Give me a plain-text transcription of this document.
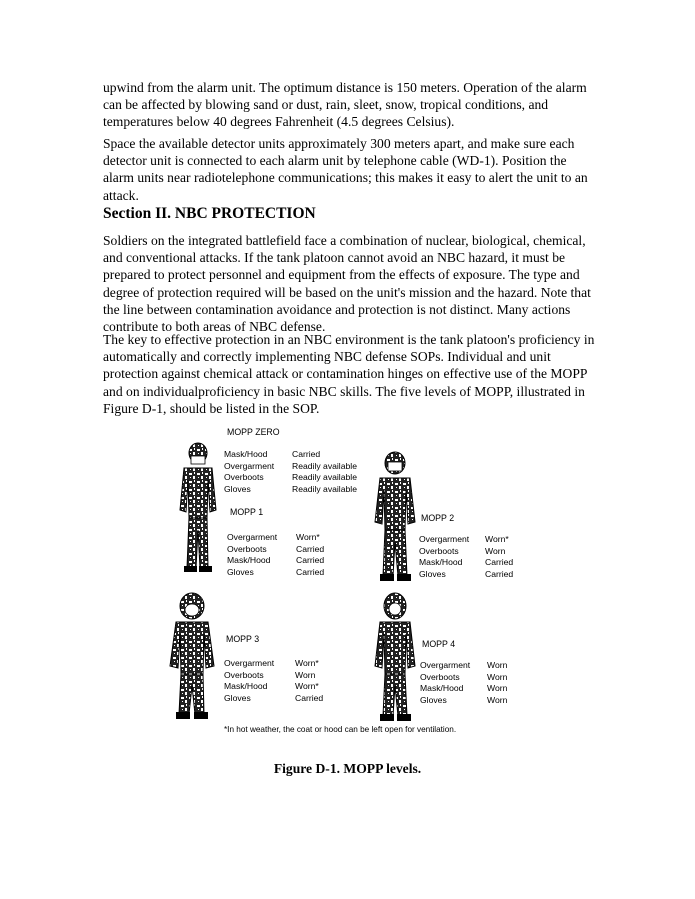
upwind from the alarm unit. The optimum distance is 150 meters. Operation of the alarm can be affected by blowing sand or dust, rain, sleet, snow, tropical conditions, and temperatures below 40 degrees Fahrenheit (4.5 degrees Celsius).

Space the available detector units approximately 300 meters apart, and make sure each detector unit is connected to each alarm unit by telephone cable (WD-1). Position the alarm units near radiotelephone communications; this makes it easy to alert the unit to an attack.

Section II. NBC PROTECTION

Soldiers on the integrated battlefield face a combination of nuclear, biological, chemical, and conventional attacks. If the tank platoon cannot avoid an NBC hazard, it must be prepared to protect personnel and equipment from the effects of exposure. The type and degree of protection required will be based on the unit's mission and the hazard. Note that the line between contamination avoidance and protection is not distinct. Many actions contribute to both areas of NBC defense.

The key to effective protection in an NBC environment is the tank platoon's proficiency in automatically and correctly implementing NBC defense SOPs. Individual and unit protection against chemical attack or contamination hinges on effective use of the MOPP and on individualproficiency in basic NBC skills. The five levels of MOPP, illustrated in Figure D-1, should be listed in the SOP.

MOPP ZERO
Mask/Hood
Overgarment
Overboots
Gloves
Carried
Readily available
Readily available
Readily available
MOPP 1
Overgarment
Overboots
Mask/Hood
Gloves
Worn*
Carried
Carried
Carried
MOPP 2
Overgarment
Overboots
Mask/Hood
Gloves
Worn*
Worn
Carried
Carried
MOPP 3
Overgarment
Overboots
Mask/Hood
Gloves
Worn*
Worn
Worn*
Carried
MOPP 4
Overgarment
Overboots
Mask/Hood
Gloves
Worn
Worn
Worn
Worn
*In hot weather, the coat or hood can be left open for ventilation.
Figure D-1. MOPP levels.
